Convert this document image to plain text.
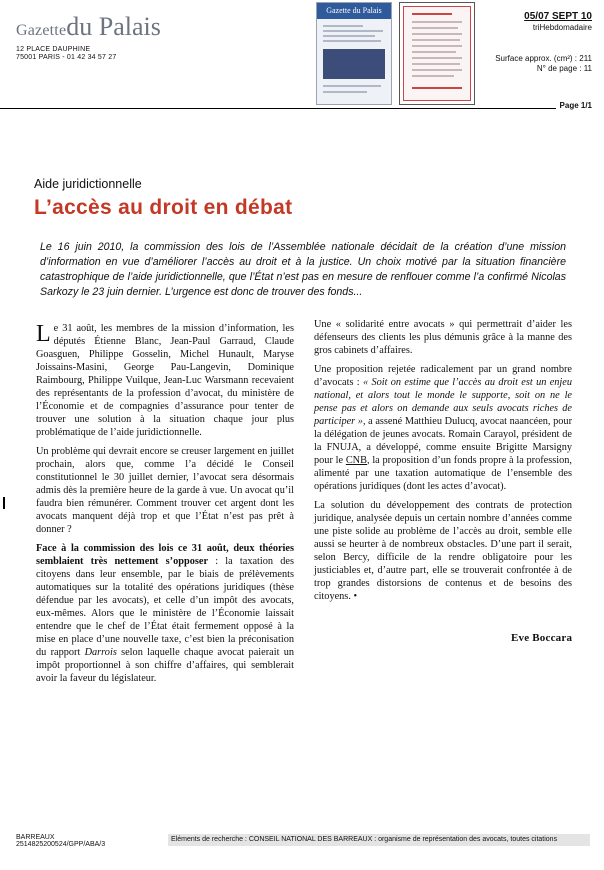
Gazettedu Palais
12 PLACE DAUPHINE
75001 PARIS - 01 42 34 57 27
Gazette du Palais
05/07 SEPT 10
triHebdomadaire
Surface approx. (cm²) : 211
N° de page : 11
Page 1/1
Aide juridictionnelle
L’accès au droit en débat
Le 16 juin 2010, la commission des lois de l’Assemblée nationale décidait de la création d’une mission d’information en vue d’améliorer l’accès au droit et à la justice. Un choix motivé par la situation financière catastrophique de l’aide juridictionnelle, que l’État n’est pas en mesure de renflouer comme l’a confirmé Nicolas Sarkozy le 23 juin dernier. L’urgence est donc de trouver des fonds...

Le 31 août, les membres de la mission d’information, les députés Étienne Blanc, Jean-Paul Garraud, Claude Goasguen, Philippe Gosselin, Michel Hunault, Maryse Joissains-Masini, George Pau-Langevin, Dominique Raimbourg, Philippe Vuilque, Jean-Luc Warsmann recevaient des représentants de la profession d’avocat, du ministère de l’Économie et de compagnies d’assurance pour tenter de trouver une solution à la situation chaque jour plus problématique de l’aide juridictionnelle.

Un problème qui devrait encore se creuser largement en juillet prochain, alors que, comme l’a décidé le Conseil constitutionnel le 30 juillet dernier, l’avocat sera désormais admis dès la première heure de la garde à vue. Un avocat qu’il faudra bien rémunérer. Comment trouver cet argent dont les avocats manquent déjà trop et que l’État n’est pas prêt à donner ?

Face à la commission des lois ce 31 août, deux théories semblaient très nettement s’opposer : la taxation des citoyens dans leur ensemble, par le biais de prélèvements automatiques sur la totalité des opérations juridiques (thèse défendue par les avocats), et celle d’un impôt des avocats, eux-mêmes. Alors que le ministère de l’Économie laissait entendre que le chef de l’État était fermement opposé à la mise en place d’une nouvelle taxe, c’est bien la préconisation du rapport Darrois selon laquelle chaque avocat paierait un impôt proportionnel à son chiffre d’affaires, qui semblerait avoir la faveur du législateur.

Une « solidarité entre avocats » qui permettrait d’aider les défenseurs des clients les plus démunis grâce à la manne des gros cabinets d’affaires.

Une proposition rejetée radicalement par un grand nombre d’avocats : « Soit on estime que l’accès au droit est un enjeu national, et alors tout le monde le supporte, soit on ne le pense pas et alors on demande aux seuls avocats riches de participer », a assené Matthieu Dulucq, avocat naancéen, pour la délégation de jeunes avocats. Romain Carayol, président de la FNUJA, a développé, comme ensuite Brigitte Marsigny pour le CNB, la proposition d’un fonds propre à la profession, alimenté par une taxation automatique de l’ensemble des opérations juridiques (dont les actes d’avocat).

La solution du développement des contrats de protection juridique, analysée depuis un certain nombre d’années comme une piste solide au problème de l’accès au droit, semble elle aussi se heurter à de nombreux obstacles. D’une part il serait, selon Bercy, difficile de la rendre obligatoire pour les justiciables et, d’autre part, elle se trouverait confrontée à de trop grandes distorsions de contenus et de besoins des citoyens. •

Eve Boccara
BARREAUX
2514825200524/GPP/ABA/3
Eléments de recherche : CONSEIL NATIONAL DES BARREAUX : organisme de représentation des avocats, toutes citations
